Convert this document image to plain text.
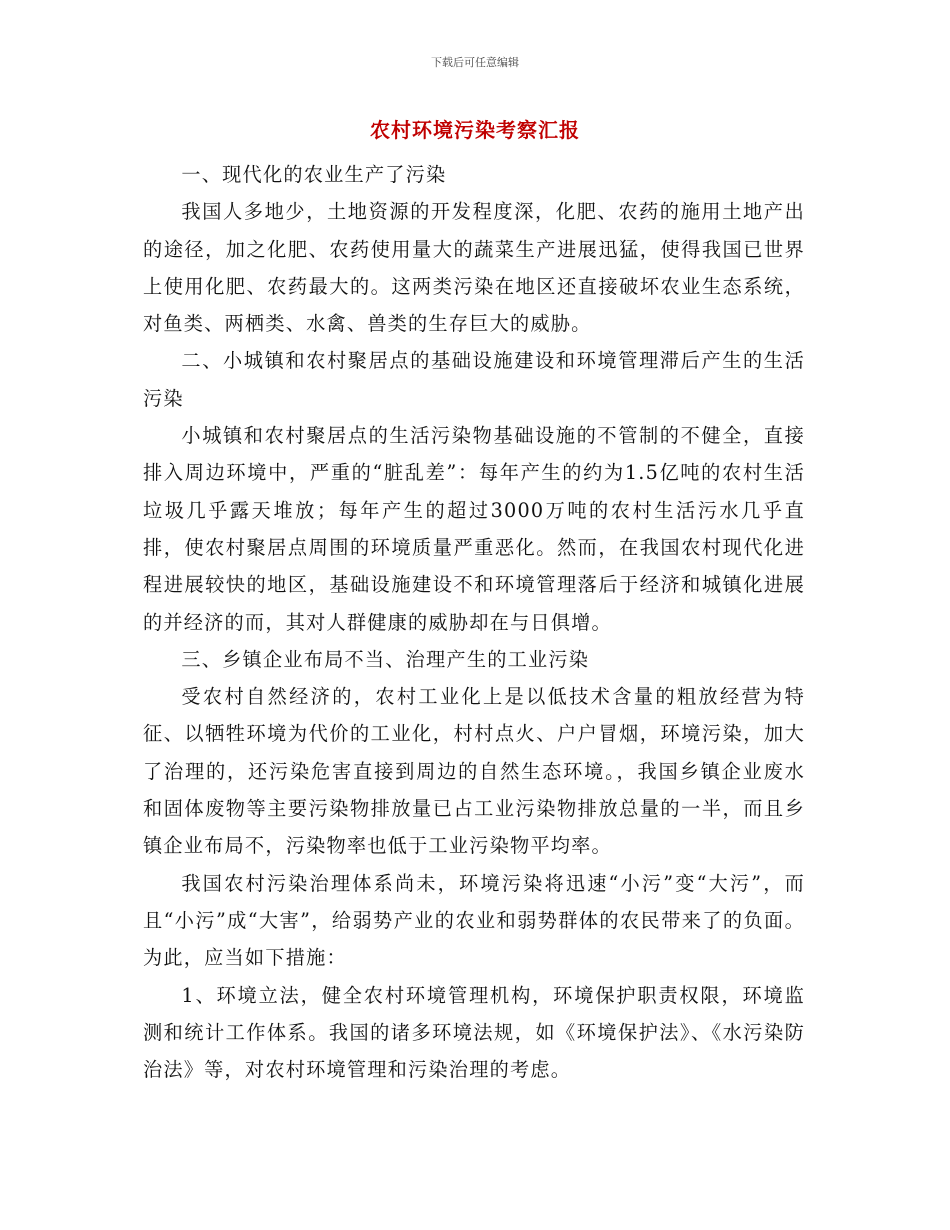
下载后可任意编辑
农村环境污染考察汇报

一、现代化的农业生产了污染

我国人多地少，土地资源的开发程度深，化肥、农药的施用土地产出的途径，加之化肥、农药使用量大的蔬菜生产进展迅猛，使得我国已世界上使用化肥、农药最大的。这两类污染在地区还直接破坏农业生态系统，对鱼类、两栖类、水禽、兽类的生存巨大的威胁。

二、小城镇和农村聚居点的基础设施建设和环境管理滞后产生的生活污染

小城镇和农村聚居点的生活污染物基础设施的不管制的不健全，直接排入周边环境中，严重的“脏乱差”：每年产生的约为1.5亿吨的农村生活垃圾几乎露天堆放；每年产生的超过3000万吨的农村生活污水几乎直排，使农村聚居点周围的环境质量严重恶化。然而，在我国农村现代化进程进展较快的地区，基础设施建设不和环境管理落后于经济和城镇化进展的并经济的而，其对人群健康的威胁却在与日俱增。

三、乡镇企业布局不当、治理产生的工业污染

受农村自然经济的，农村工业化上是以低技术含量的粗放经营为特征、以牺牲环境为代价的工业化，村村点火、户户冒烟，环境污染，加大了治理的，还污染危害直接到周边的自然生态环境。，我国乡镇企业废水和固体废物等主要污染物排放量已占工业污染物排放总量的一半，而且乡镇企业布局不，污染物率也低于工业污染物平均率。

我国农村污染治理体系尚未，环境污染将迅速“小污”变“大污”，而且“小污”成“大害”，给弱势产业的农业和弱势群体的农民带来了的负面。为此，应当如下措施：

1、环境立法，健全农村环境管理机构，环境保护职责权限，环境监测和统计工作体系。我国的诸多环境法规，如《环境保护法》、《水污染防治法》等，对农村环境管理和污染治理的考虑。
